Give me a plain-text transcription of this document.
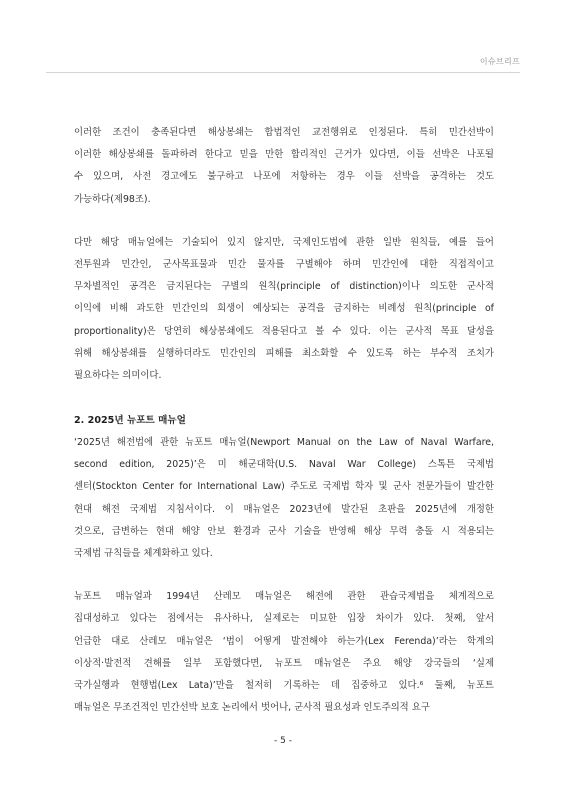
이슈브리프

이러한 조건이 충족된다면 해상봉쇄는 합법적인 교전행위로 인정된다. 특히 민간선박이
이러한 해상봉쇄를 돌파하려 한다고 믿을 만한 합리적인 근거가 있다면, 이들 선박은 나포될
수 있으며, 사전 경고에도 불구하고 나포에 저항하는 경우 이들 선박을 공격하는 것도
가능하다(제98조).

다만 해당 매뉴얼에는 기술되어 있지 않지만, 국제인도법에 관한 일반 원칙들, 예를 들어
전투원과 민간인, 군사목표물과 민간 물자를 구별해야 하며 민간인에 대한 직접적이고
무차별적인 공격은 금지된다는 구별의 원칙(principle of distinction)이나 의도한 군사적
이익에 비해 과도한 민간인의 희생이 예상되는 공격을 금지하는 비례성 원칙(principle of
proportionality)은 당연히 해상봉쇄에도 적용된다고 볼 수 있다. 이는 군사적 목표 달성을
위해 해상봉쇄를 실행하더라도 민간인의 피해를 최소화할 수 있도록 하는 부수적 조치가
필요하다는 의미이다.

2. 2025년 뉴포트 매뉴얼

‘2025년 해전법에 관한 뉴포트 매뉴얼(Newport Manual on the Law of Naval Warfare,
second edition, 2025)’은 미 해군대학(U.S. Naval War College) 스톡튼 국제법
센터(Stockton Center for International Law) 주도로 국제법 학자 및 군사 전문가들이 발간한
현대 해전 국제법 지침서이다. 이 매뉴얼은 2023년에 발간된 초판을 2025년에 개정한
것으로, 급변하는 현대 해양 안보 환경과 군사 기술을 반영해 해상 무력 충돌 시 적용되는
국제법 규칙들을 체계화하고 있다.

뉴포트 매뉴얼과 1994년 산레모 매뉴얼은 해전에 관한 관습국제법을 체계적으로
집대성하고 있다는 점에서는 유사하나, 실제로는 미묘한 입장 차이가 있다. 첫째, 앞서
언급한 대로 산레모 매뉴얼은 ‘법이 어떻게 발전해야 하는가(Lex Ferenda)’라는 학계의
이상적·발전적 견해를 일부 포함했다면, 뉴포트 매뉴얼은 주요 해양 강국들의 ‘실제
국가실행과 현행법(Lex Lata)’만을 철저히 기록하는 데 집중하고 있다.⁶ 둘째, 뉴포트
매뉴얼은 무조건적인 민간선박 보호 논리에서 벗어나, 군사적 필요성과 인도주의적 요구

- 5 -
